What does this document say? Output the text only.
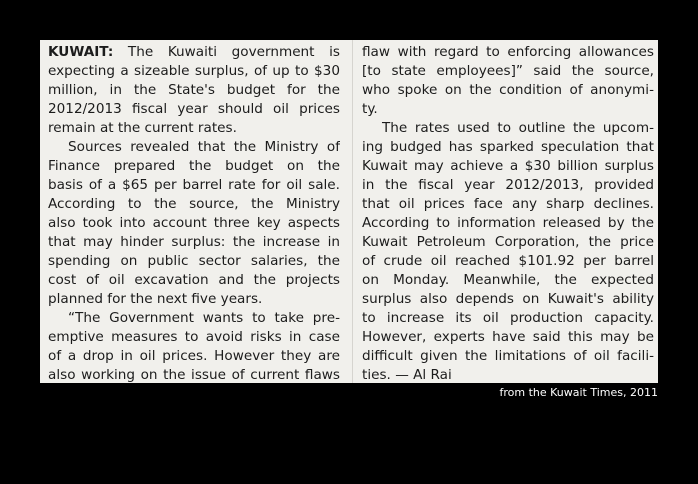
KUWAIT: The Kuwaiti government is
expecting a sizeable surplus, of up to $30
million, in the State's budget for the
2012/2013 fiscal year should oil prices
remain at the current rates.
Sources revealed that the Ministry of
Finance prepared the budget on the
basis of a $65 per barrel rate for oil sale.
According to the source, the Ministry
also took into account three key aspects
that may hinder surplus: the increase in
spending on public sector salaries, the
cost of oil excavation and the projects
planned for the next five years.
“The Government wants to take pre-
emptive measures to avoid risks in case
of a drop in oil prices. However they are
also working on the issue of current flaws
flaw with regard to enforcing allowances
[to state employees]” said the source,
who spoke on the condition of anonymi-
ty.
The rates used to outline the upcom-
ing budged has sparked speculation that
Kuwait may achieve a $30 billion surplus
in the fiscal year 2012/2013, provided
that oil prices face any sharp declines.
According to information released by the
Kuwait Petroleum Corporation, the price
of crude oil reached $101.92 per barrel
on Monday. Meanwhile, the expected
surplus also depends on Kuwait's ability
to increase its oil production capacity.
However, experts have said this may be
difficult given the limitations of oil facili-
ties. — Al Rai
from the Kuwait Times, 2011
